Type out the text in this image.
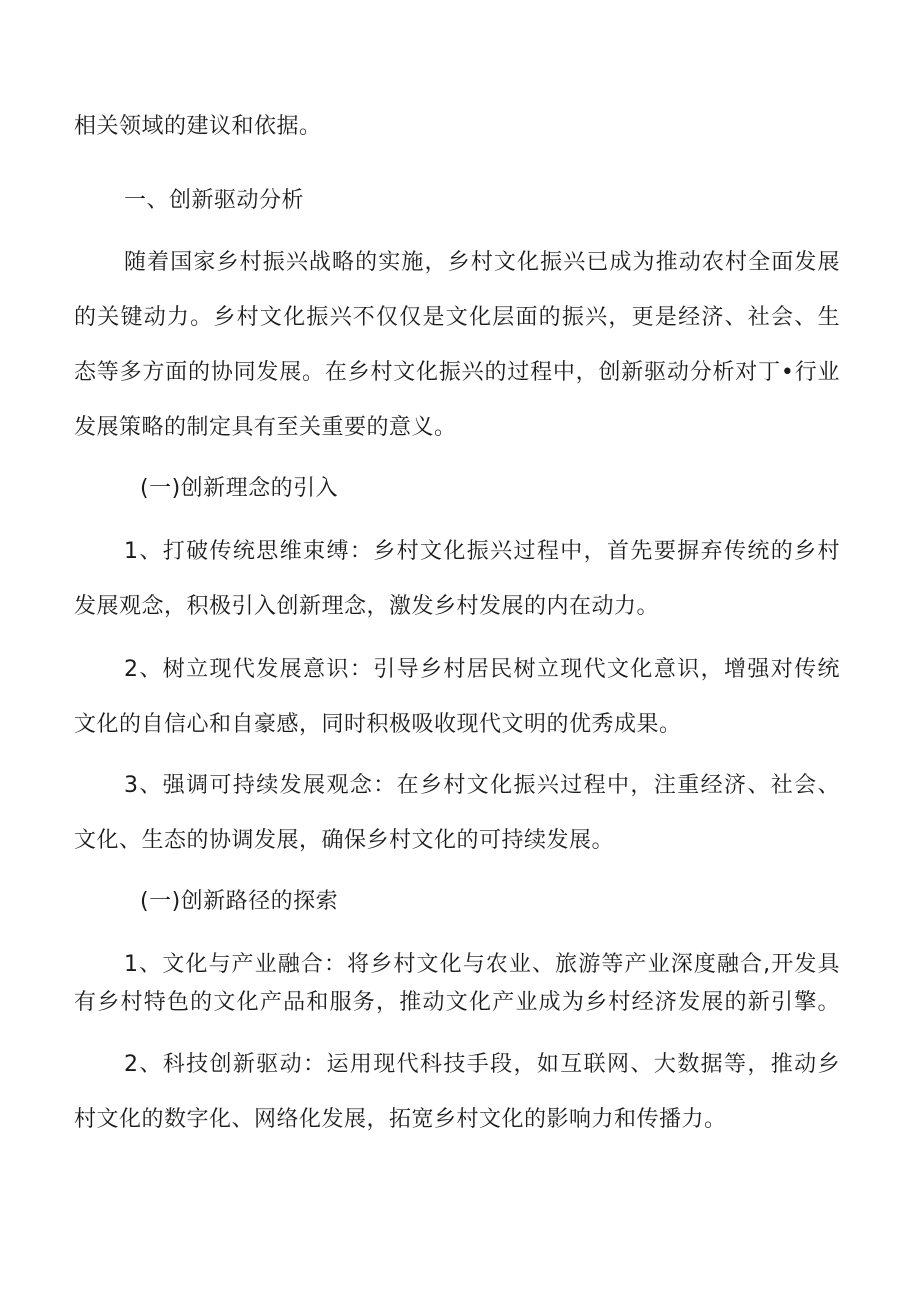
相关领域的建议和依据。
一、创新驱动分析
随着国家乡村振兴战略的实施，乡村文化振兴已成为推动农村全面发展
的关键动力。乡村文化振兴不仅仅是文化层面的振兴，更是经济、社会、生
态等多方面的协同发展。在乡村文化振兴的过程中，创新驱动分析对丁•行业
发展策略的制定具有至关重要的意义。
(一)创新理念的引入
1、打破传统思维束缚：乡村文化振兴过程中，首先要摒弃传统的乡村
发展观念，积极引入创新理念，激发乡村发展的内在动力。
2、树立现代发展意识：引导乡村居民树立现代文化意识，增强对传统
文化的自信心和自豪感，同时积极吸收现代文明的优秀成果。
3、强调可持续发展观念：在乡村文化振兴过程中，注重经济、社会、
文化、生态的协调发展，确保乡村文化的可持续发展。
(一)创新路径的探索
1、文化与产业融合：将乡村文化与农业、旅游等产业深度融合,开发具
有乡村特色的文化产品和服务，推动文化产业成为乡村经济发展的新引擎。
2、科技创新驱动：运用现代科技手段，如互联网、大数据等，推动乡
村文化的数字化、网络化发展，拓宽乡村文化的影响力和传播力。
